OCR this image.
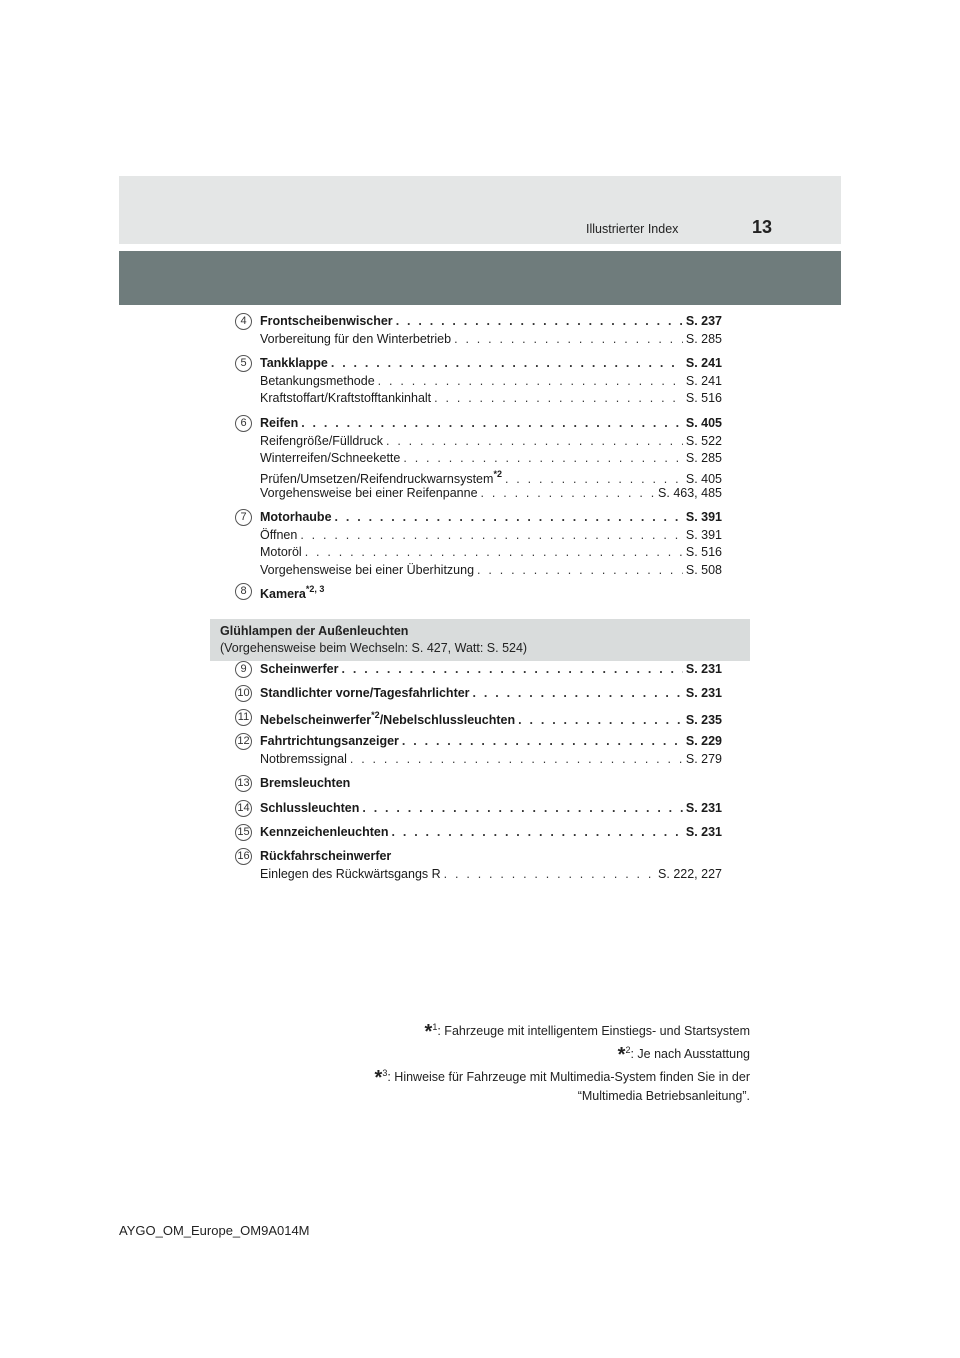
Illustrierter Index	13
4	Frontscheibenwischer . . .	S. 237
Vorbereitung für den Winterbetrieb . . .	S. 285
5	Tankklappe . . .	S. 241
Betankungsmethode . . .	S. 241
Kraftstoffart/Kraftstofftankinhalt . . .	S. 516
6	Reifen . . .	S. 405
Reifengröße/Fülldruck . . .	S. 522
Winterreifen/Schneekette . . .	S. 285
Prüfen/Umsetzen/Reifendruckwarnsystem$^{*2}$ . . .	S. 405
Vorgehensweise bei einer Reifenpanne . . .	S. 463, 485
7	Motorhaube . . .	S. 391
Öffnen . . .	S. 391
Motoröl . . .	S. 516
Vorgehensweise bei einer Überhitzung . . .	S. 508
8	Kamera$^{*2, 3}$
Glühlampen der Außenleuchten
(Vorgehensweise beim Wechseln: S. 427, Watt: S. 524)
9	Scheinwerfer . . .	S. 231
10 Standlichter vorne/Tagesfahrlichter . . .	S. 231
11 Nebelscheinwerfer$^{*2}$/Nebelschlussleuchten . . .	S. 235
12 Fahrtrichtungsanzeiger . . .	S. 229
Notbremssignal . . .	S. 279
13 Bremsleuchten
14 Schlussleuchten . . .	S. 231
15 Kennzeichenleuchten . . .	S. 231
16 Rückfahrscheinwerfer
Einlegen des Rückwärtsgangs R . . .	S. 222, 227
*$^1$: Fahrzeuge mit intelligentem Einstiegs- und Startsystem
*$^2$: Je nach Ausstattung
*$^3$: Hinweise für Fahrzeuge mit Multimedia-System finden Sie in der
“Multimedia Betriebsanleitung”.
AYGO_OM_Europe_OM9A014M
